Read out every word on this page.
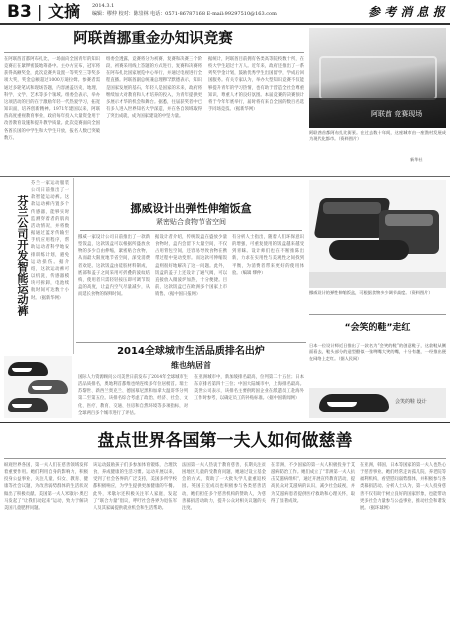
B3 | 文摘 2014.3.1
编辑：缪仲 校对：陈崇林 电话：0571-86787168 E-mail:99297510@163.com	参 考 消 息 报
阿联酋挪重金办知识竞赛
在阿联酋首都阿布扎比，一场面向全国青年的知识竞赛正在紧锣密鼓地筹备中。主办方宣布，冠军将获得高额奖金，此次竞赛共设置一等奖至三等奖多项大奖，奖金总额超过1000万迪拉姆。参赛者需通过多轮笔试和现场答题，内容涵盖历史、地理、科学、文学、艺术等多个领域。组委会表示，举办这项活动的目的在于激励年轻一代热爱学习，拓宽知识面，培养创新精神。1971年建国以来，阿联酋高度重视教育事业，政府每年投入大量资金用于改善教育设施和提升教学质量。此次竞赛面向全国各酋长国的中学生和大学生开放，报名人数已突破数万。
组委会透露，竞赛将分为初赛、复赛和决赛三个阶段，初赛采用线上答题的方式进行，复赛和决赛将在阿布扎比国家展览中心举行，并通过电视进行全程直播。阿联酋副总统兼总理穆罕默德表示，知识是国家发展的基石，年轻人是国家的未来，政府将继续加大对教育和人才培养的投入，为青年提供更多展示才华的机会和舞台。据悉，往届获奖者中已有多人进入世界知名大学深造，并在各自领域取得了突出成就，成为国家建设的中坚力量。
据统计，阿联酋目前拥有各类高等院校数十所，在校大学生超过十万人。近年来，政府还推出了一系列奖学金计划，鼓励优秀学生出国留学，学成后回国服务。有关专家认为，举办大型知识竞赛不仅能够提升青年的学习热情，也有助于营造全社会尊重知识、尊重人才的良好氛围。本届竞赛的决赛预计将于今年年底举行，届时将有来自全国的数百名选手同场竞技。（据新华网）
阿联酋 竞赛现场
阿联酋首都阿布扎比街景。在过去数十年间，这座城市由一座渔村发展成为现代化都市。（资料图片）
新华社
芬兰公司开发智能运动裤
芬兰一家运动服装公司日前推出了一款智能运动裤。这款运动裤内置多个传感器，能够实时监测穿着者的肌肉活动情况，并将数据通过蓝牙传输至手机应用程序，帮助运动者科学地安排训练计划，避免运动损伤。据介绍，这款运动裤可以机洗，传感器模块可拆卸，电池续航时间可达数十小时。（据新华网）
挪威设计出弹性伸缩饭盒
紧密贴合食物节省空间
挪威一家设计公司日前推出了一款新型饭盒，这款饭盒可以根据所盛放食物的多少自由伸缩，紧密贴合食物，从而最大限度地节省空间，深受消费者欢迎。这款饭盒由硅胶材料制成，底部和盖子之间采用可折叠的波纹结构，使用者只需轻轻按压即可调节饭盒的高度，让盒内空气尽量减少，从而延长食物的保鲜时间。
据设计者介绍，传统饭盒在盛放少量食物时，盒内会留下大量空间，不仅占用背包空间，还容易导致食物在携带过程中晃动变形。而这款可伸缩饭盒则很好地解决了这一问题。此外，饭盒的盖子上还设计了通气阀，可以直接放入微波炉加热，十分便捷。目前，这款饭盒已在欧洲多个国家上市销售。（据中国日报网）
有分析人士指出，随着人们环保意识的增强，可重复使用的饭盒越来越受到青睐。设计师们也在不断推陈出新，力求在实用性与美观性之间找到平衡，为消费者带来更好的使用体验。（编辑 缪仲）
挪威设计的弹性伸缩饭盒，可根据食物多少调节高度。（资料图片）
“会笑的鞋”走红
日本一位设计师近日推出了一款名为“会笑的鞋”的创意鞋子，这款鞋从侧面看去，鞋头部分的造型酷似一张咧嘴大笑的嘴，十分有趣，一经推出便在网络上走红。（据人民网）
2014全球城市生活品质排名出炉
维也纳居首
国际人力资源顾问公司美世日前发布了2014年全球城市生活品质排名，奥地利首都维也纳连续多年位居榜首。瑞士苏黎世、新西兰奥克兰、德国慕尼黑和加拿大温哥华分列第二至第五位。该排名综合考虑了政治、经济、社会、文化、医疗、教育、交通、住房和自然环境等多项指标，对全球两百多个城市进行了评估。
在亚洲城市中，新加坡排名最高，位列第二十五位；日本东京排名第四十三位；中国大陆城市中，上海排名最高。美世公司表示，该排名主要供跨国企业在派遣员工赴海外工作时参考，以确定员工的补贴标准。（据中国新闻网）
会笑的鞋 设计
盘点世界各国第一夫人如何做慈善
纵观世界各国，第一夫人们在慈善领域发挥着重要作用。她们利用自身的影响力，积极投身公益事业，关注儿童、妇女、教育、健康等社会议题，为改善弱势群体的生活状况做出了积极贡献。美国第一夫人米歇尔·奥巴马发起了“让我们动起来”运动，致力于解决美国儿童肥胖问题。
该运动鼓励孩子们多参加体育锻炼，合理饮食，养成健康的生活习惯。运动开展以来，受到了社会各界的广泛支持，美国多所学校都积极响应，为学生提供更加健康的午餐。此外，米歇尔还积极关注军人家庭，发起了“联合力量”倡议，呼吁社会各界为退伍军人及其家属提供就业机会和生活帮助。
法国第一夫人热衷于教育慈善，长期关注贫困地区儿童的受教育问题，她通过设立基金会的方式，资助了一大批失学儿童重返校园。英国王室成员也积极参与各类慈善活动，她们担任多个慈善机构的赞助人，为慈善募捐活动助力，提升公众对相关议题的关注度。
在非洲，不少国家的第一夫人积极投身于艾滋病防治工作。她们成立了“非洲第一夫人抗击艾滋病组织”，通过开展宣传教育活动，提高民众对艾滋病的认识，减少社会歧视，并为艾滋病患者提供医疗救助和心理关怀，取得了显著成效。
在亚洲，韩国、日本等国家的第一夫人也热心于慈善事业。她们经常走访孤儿院、养老院等福利机构，看望慰问弱势群体，并积极参与各类募捐活动。分析人士认为，第一夫人投身慈善不仅有助于树立良好的国家形象，也能带动更多社会力量参与公益事业，推动社会和谐发展。（据环球网）
